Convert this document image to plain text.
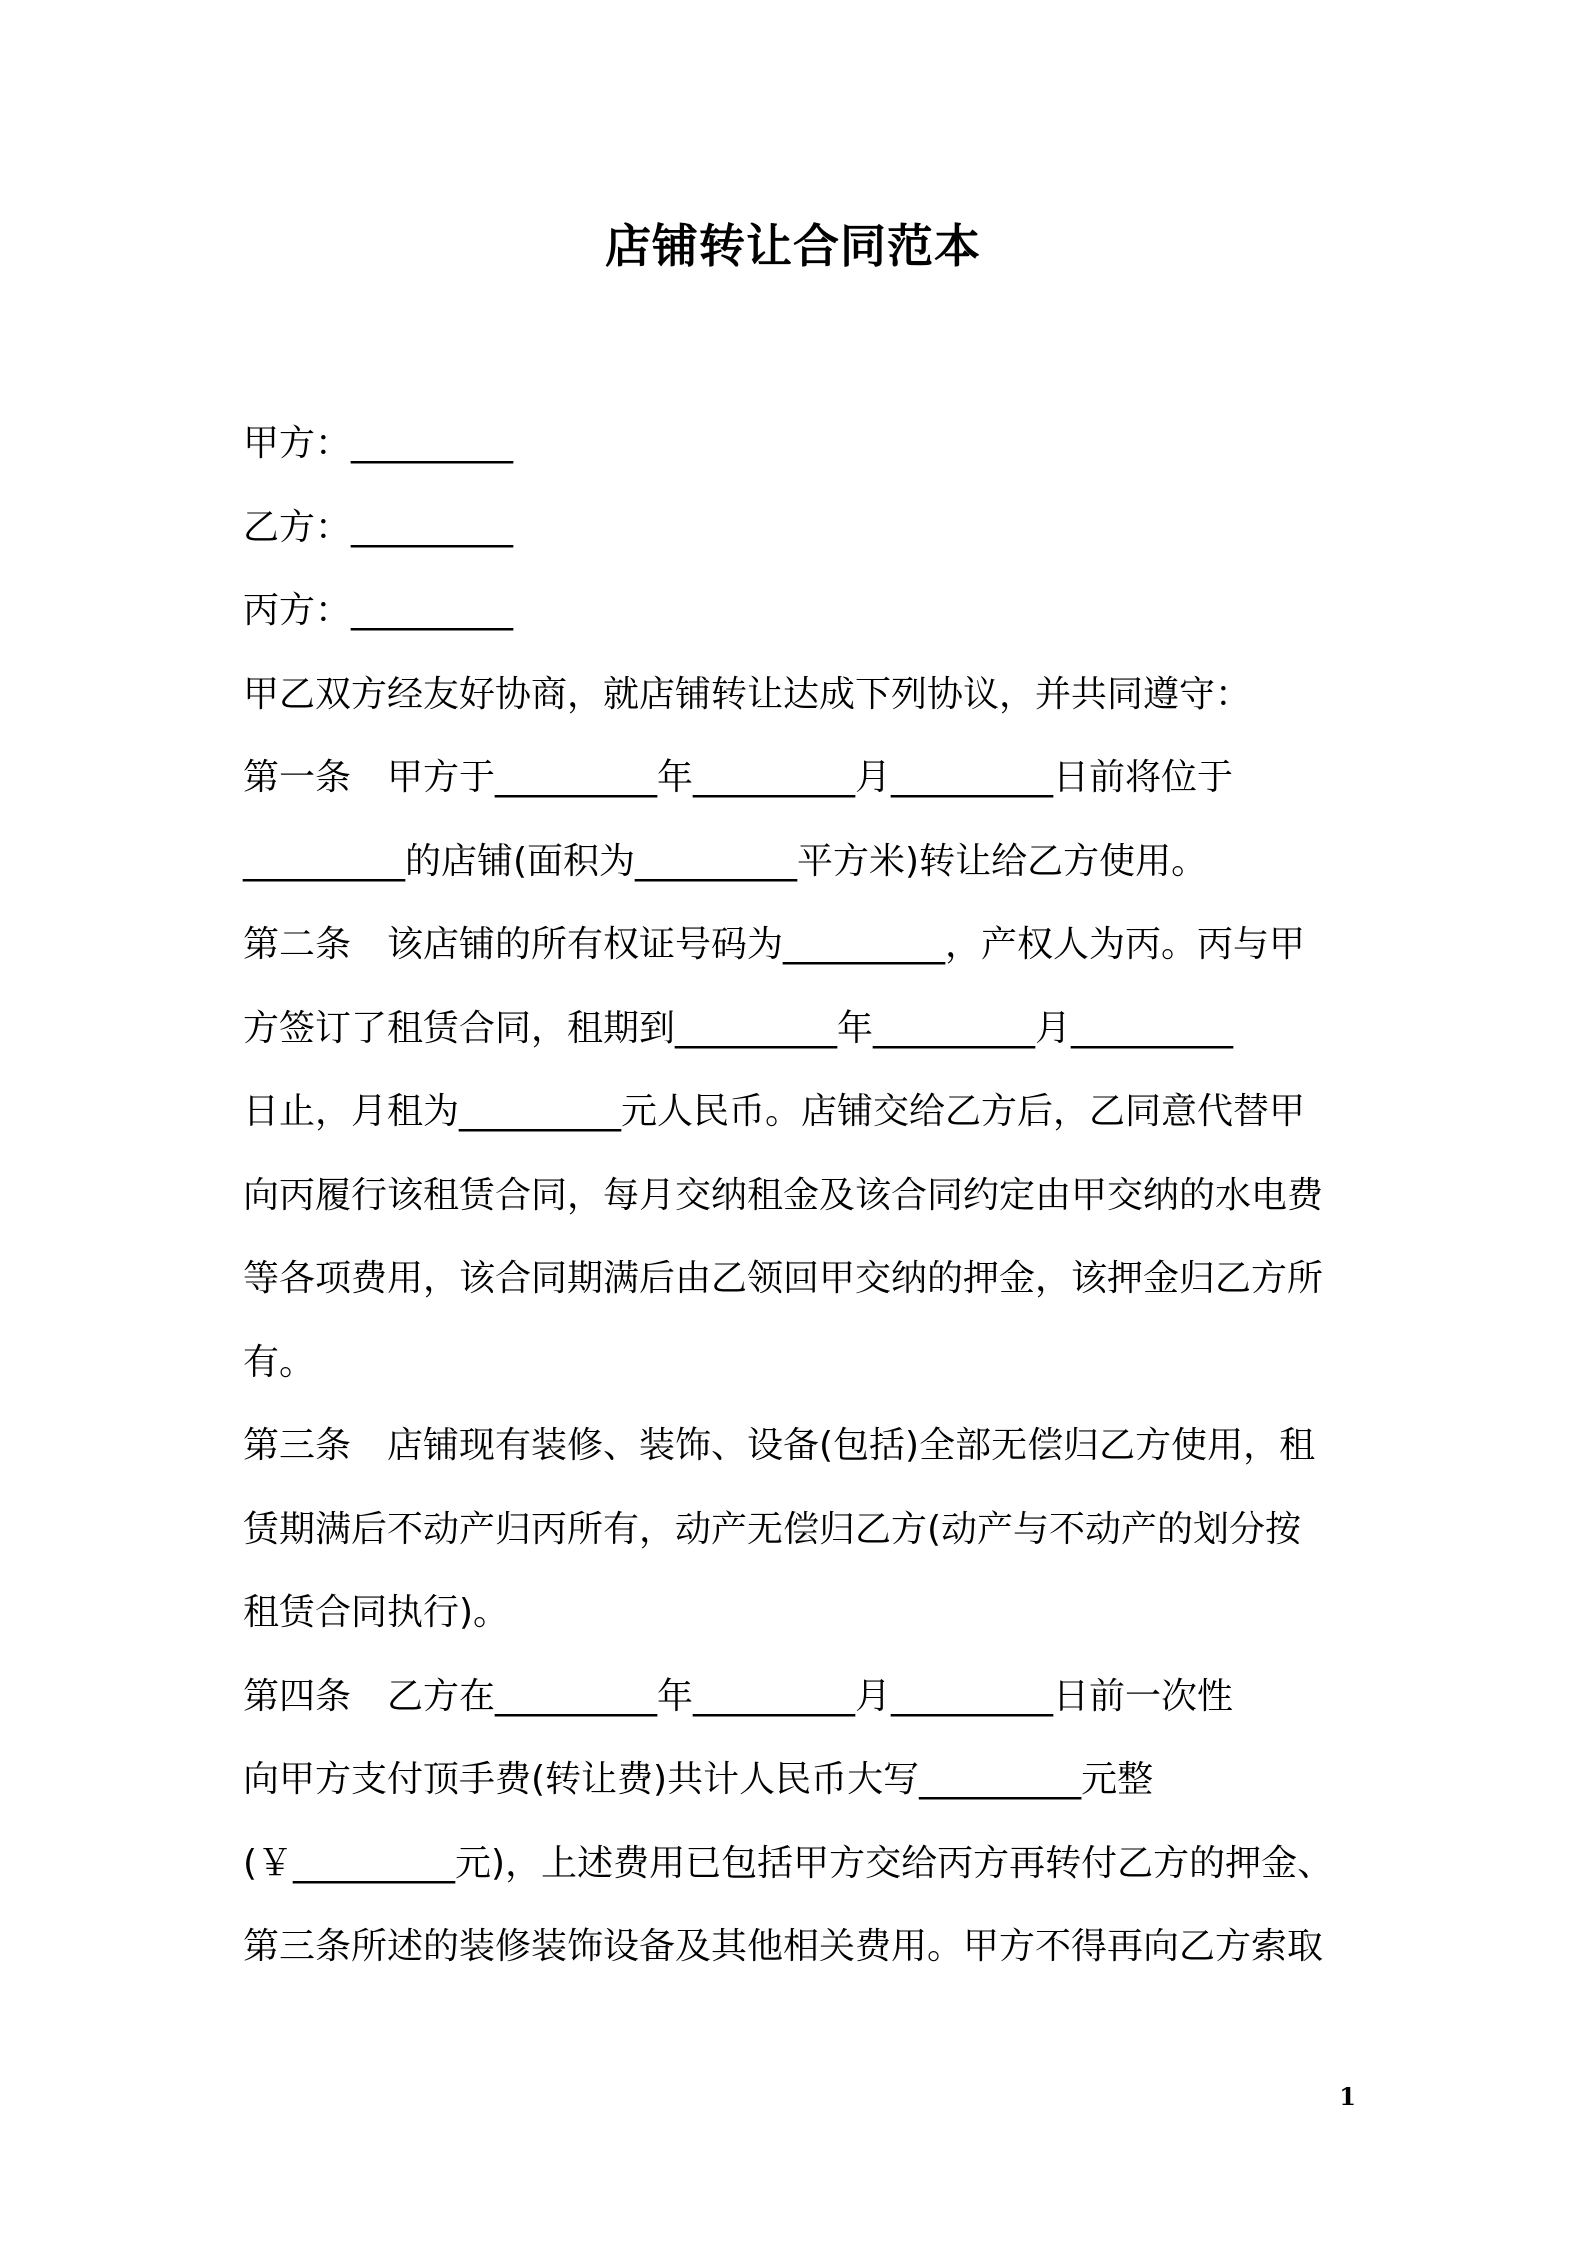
店铺转让合同范本
甲方：_________
乙方：_________
丙方：_________
甲乙双方经友好协商，就店铺转让达成下列协议，并共同遵守：
第一条　甲方于_________年_________月_________日前将位于
_________的店铺(面积为_________平方米)转让给乙方使用。
第二条　该店铺的所有权证号码为_________，产权人为丙。丙与甲
方签订了租赁合同，租期到_________年_________月_________
日止，月租为_________元人民币。店铺交给乙方后，乙同意代替甲
向丙履行该租赁合同，每月交纳租金及该合同约定由甲交纳的水电费
等各项费用，该合同期满后由乙领回甲交纳的押金，该押金归乙方所
有。
第三条　店铺现有装修、装饰、设备(包括)全部无偿归乙方使用，租
赁期满后不动产归丙所有，动产无偿归乙方(动产与不动产的划分按
租赁合同执行)。
第四条　乙方在_________年_________月_________日前一次性
向甲方支付顶手费(转让费)共计人民币大写_________元整
(￥_________元)，上述费用已包括甲方交给丙方再转付乙方的押金、
第三条所述的装修装饰设备及其他相关费用。甲方不得再向乙方索取
1
